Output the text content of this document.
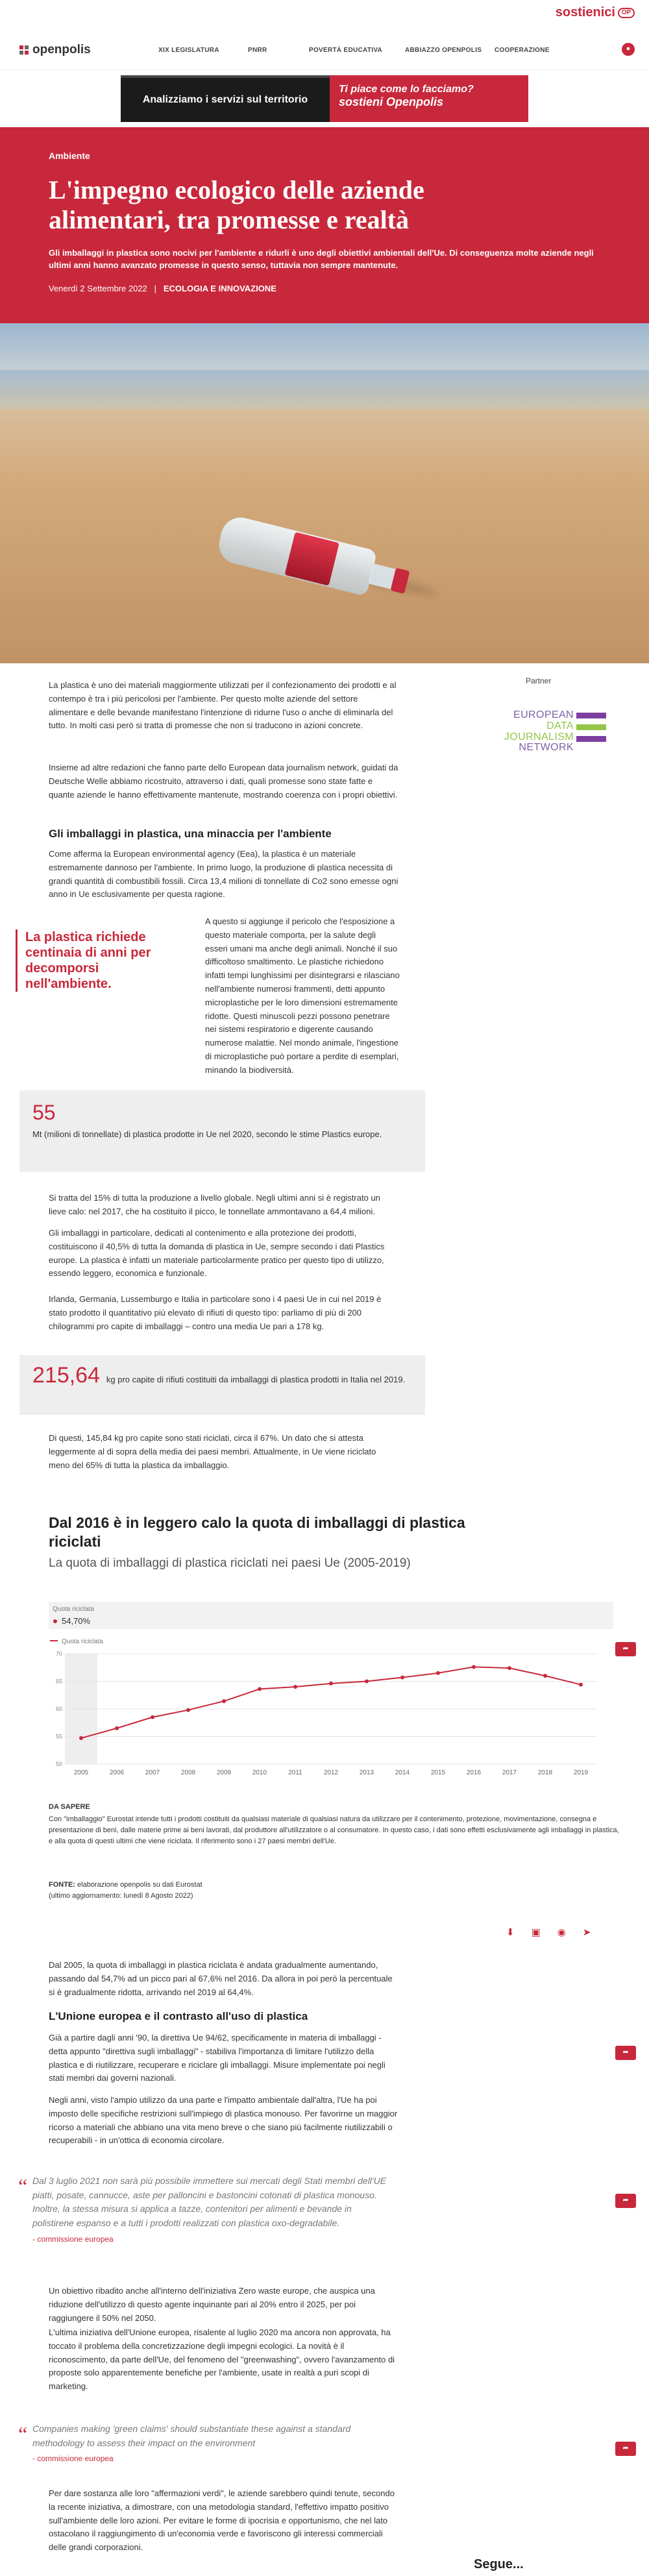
sostienici OP
openpolis	XIX LEGISLATURA	PNRR	POVERTÀ EDUCATIVA	ABBIAZZO OPENPOLIS	COOPERAZIONE	●
Analizziamo i servizi sul territorio
Ti piace come lo facciamo?
sostieni Openpolis
Ambiente
L'impegno ecologico delle aziende alimentari, tra promesse e realtà
Gli imballaggi in plastica sono nocivi per l'ambiente e ridurli è uno degli obiettivi ambientali dell'Ue. Di conseguenza molte aziende negli ultimi anni hanno avanzato promesse in questo senso, tuttavia non sempre mantenute.
Venerdì 2 Settembre 2022   |   ECOLOGIA E INNOVAZIONE
Partner
EUROPEAN
DATA JOURNALISM
NETWORK
La plastica è uno dei materiali maggiormente utilizzati per il confezionamento dei prodotti e al contempo è tra i più pericolosi per l'ambiente. Per questo molte aziende del settore alimentare e delle bevande manifestano l'intenzione di ridurne l'uso o anche di eliminarla del tutto. In molti casi però si tratta di promesse che non si traducono in azioni concrete.
Insieme ad altre redazioni che fanno parte dello European data journalism network, guidati da Deutsche Welle abbiamo ricostruito, attraverso i dati, quali promesse sono state fatte e quante aziende le hanno effettivamente mantenute, mostrando coerenza con i propri obiettivi.
Gli imballaggi in plastica, una minaccia per l'ambiente
Come afferma la European environmental agency (Eea), la plastica è un materiale estremamente dannoso per l'ambiente. In primo luogo, la produzione di plastica necessita di grandi quantità di combustibili fossili. Circa 13,4 milioni di tonnellate di Co2 sono emesse ogni anno in Ue esclusivamente per questa ragione.
La plastica richiede centinaia di anni per decomporsi nell'ambiente.
A questo si aggiunge il pericolo che l'esposizione a questo materiale comporta, per la salute degli esseri umani ma anche degli animali. Nonché il suo difficoltoso smaltimento. Le plastiche richiedono infatti tempi lunghissimi per disintegrarsi e rilasciano nell'ambiente numerosi frammenti, detti appunto microplastiche per le loro dimensioni estremamente ridotte. Questi minuscoli pezzi possono penetrare nei sistemi respiratorio e digerente causando numerose malattie. Nel mondo animale, l'ingestione di microplastiche può portare a perdite di esemplari, minando la biodiversità.
55
Mt (milioni di tonnellate) di plastica prodotte in Ue nel 2020, secondo le stime Plastics europe.
Si tratta del 15% di tutta la produzione a livello globale. Negli ultimi anni si è registrato un lieve calo: nel 2017, che ha costituito il picco, le tonnellate ammontavano a 64,4 milioni.
Gli imballaggi in particolare, dedicati al contenimento e alla protezione dei prodotti, costituiscono il 40,5% di tutta la domanda di plastica in Ue, sempre secondo i dati Plastics europe. La plastica è infatti un materiale particolarmente pratico per questo tipo di utilizzo, essendo leggero, economica e funzionale.
Irlanda, Germania, Lussemburgo e Italia in particolare sono i 4 paesi Ue in cui nel 2019 è stato prodotto il quantitativo più elevato di rifiuti di questo tipo: parliamo di più di 200 chilogrammi pro capite di imballaggi – contro una media Ue pari a 178 kg.
215,64 kg pro capite di rifiuti costituiti da imballaggi di plastica prodotti in Italia nel 2019.
Di questi, 145,84 kg pro capite sono stati riciclati, circa il 67%. Un dato che si attesta leggermente al di sopra della media dei paesi membri. Attualmente, in Ue viene riciclato meno del 65% di tutta la plastica da imballaggio.
Dal 2016 è in leggero calo la quota di imballaggi di plastica riciclati
La quota di imballaggi di plastica riciclati nei paesi Ue (2005-2019)
➦
Quota riciclata
54,70%
Quota riciclata
50
55
60
65
70
2005	2006	2007	2008	2009	2010	2011	2012	2013	2014	2015	2016	2017	2018	2019
DA SAPERE
Con "imballaggio" Eurostat intende tutti i prodotti costituiti da qualsiasi materiale di qualsiasi natura da utilizzare per il contenimento, protezione, movimentazione, consegna e presentazione di beni, dalle materie prime ai beni lavorati, dal produttore all'utilizzatore o al consumatore. In questo caso, i dati sono effetti esclusivamente agli imballaggi in plastica, e alla quota di questi ultimi che viene riciclata. Il riferimento sono i 27 paesi membri dell'Ue.
FONTE: elaborazione openpolis su dati Eurostat
(ultimo aggiornamento: lunedì 8 Agosto 2022)
⬇ ▣ ◉ ➤
Dal 2005, la quota di imballaggi in plastica riciclata è andata gradualmente aumentando, passando dal 54,7% ad un picco pari al 67,6% nel 2016. Da allora in poi però la percentuale si è gradualmente ridotta, arrivando nel 2019 al 64,4%.
L'Unione europea e il contrasto all'uso di plastica
➦
Già a partire dagli anni '90, la direttiva Ue 94/62, specificamente in materia di imballaggi - detta appunto "direttiva sugli imballaggi" - stabiliva l'importanza di limitare l'utilizzo della plastica e di riutilizzare, recuperare e riciclare gli imballaggi. Misure implementate poi negli stati membri dai governi nazionali.
Negli anni, visto l'ampio utilizzo da una parte e l'impatto ambientale dall'altra, l'Ue ha poi imposto delle specifiche restrizioni sull'impiego di plastica monouso. Per favorirne un maggior ricorso a materiali che abbiano una vita meno breve o che siano più facilmente riutilizzabili o recuperabili - in un'ottica di economia circolare.
“ Dal 3 luglio 2021 non sarà più possibile immettere sui mercati degli Stati membri dell'UE piatti, posate, cannucce, aste per palloncini e bastoncini cotonati di plastica monouso. Inoltre, la stessa misura si applica a tazze, contenitori per alimenti e bevande in polistirene espanso e a tutti i prodotti realizzati con plastica oxo-degradabile.
- commissione europea
➦
Un obiettivo ribadito anche all'interno dell'iniziativa Zero waste europe, che auspica una riduzione dell'utilizzo di questo agente inquinante pari al 20% entro il 2025, per poi raggiungere il 50% nel 2050.
L'ultima iniziativa dell'Unione europea, risalente al luglio 2020 ma ancora non approvata, ha toccato il problema della concretizzazione degli impegni ecologici. La novità è il riconoscimento, da parte dell'Ue, del fenomeno del "greenwashing", ovvero l'avanzamento di proposte solo apparentemente benefiche per l'ambiente, usate in realtà a puri scopi di marketing.
“ Companies making 'green claims' should substantiate these against a standard methodology to assess their impact on the environment
- commissione europea
➦
Per dare sostanza alle loro "affermazioni verdi", le aziende sarebbero quindi tenute, secondo la recente iniziativa, a dimostrare, con una metodologia standard, l'effettivo impatto positivo sull'ambiente delle loro azioni. Per evitare le forme di ipocrisia e opportunismo, che nel lato ostacolano il raggiungimento di un'economia verde e favoriscono gli interessi commerciali delle grandi corporazioni.
Segue...
